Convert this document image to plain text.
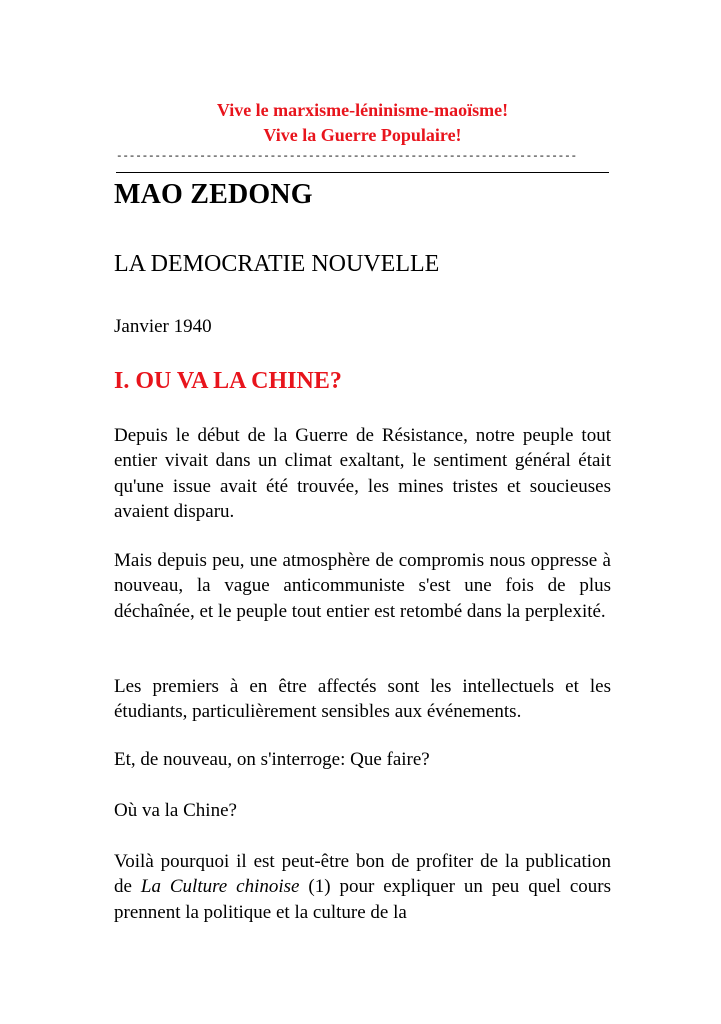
Vive le marxisme-léninisme-maoïsme!
Vive la Guerre Populaire!
------------------------------------------------------------------------
MAO ZEDONG
LA DEMOCRATIE NOUVELLE
Janvier 1940
I. OU VA LA CHINE?

Depuis le début de la Guerre de Résistance, notre peuple tout entier vivait dans un climat exaltant, le sentiment général était qu'une issue avait été trouvée, les mines tristes et soucieuses avaient disparu.

Mais depuis peu, une atmosphère de compromis nous oppresse à nouveau, la vague anticommuniste s'est une fois de plus déchaînée, et le peuple tout entier est retombé dans la perplexité.

Les premiers à en être affectés sont les intellectuels et les étudiants, particulièrement sensibles aux événements.

Et, de nouveau, on s'interroge: Que faire?

Où va la Chine?

Voilà pourquoi il est peut-être bon de profiter de la publication de La Culture chinoise (1) pour expliquer un peu quel cours prennent la politique et la culture de la
